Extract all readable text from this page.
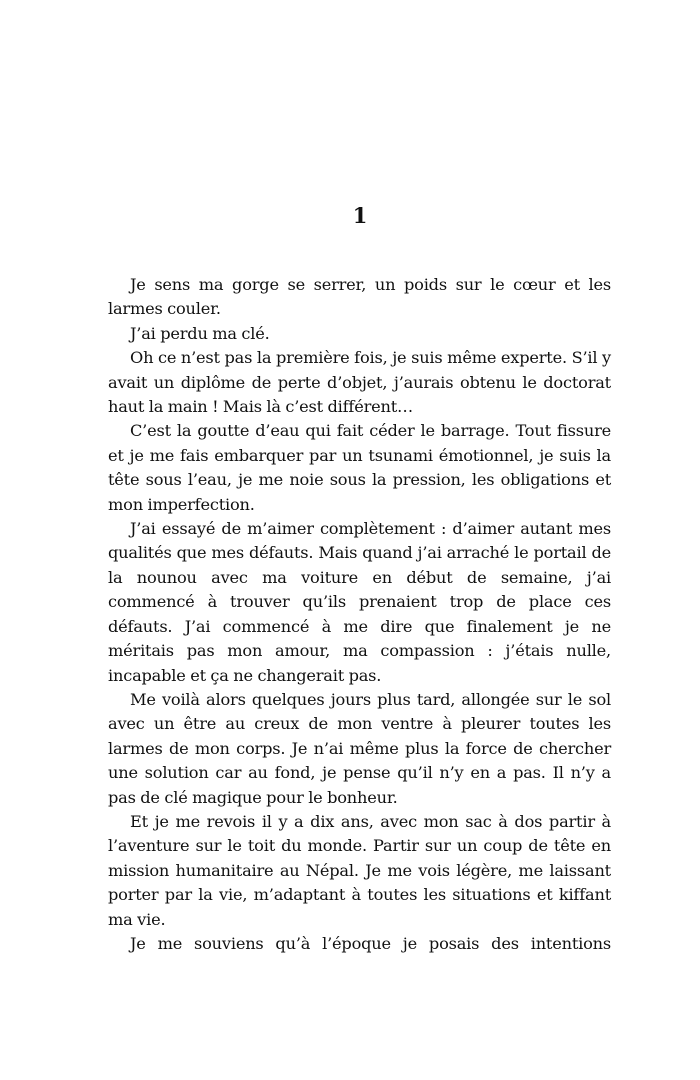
1

Je sens ma gorge se serrer, un poids sur le cœur et les larmes couler.

J’ai perdu ma clé.

Oh ce n’est pas la première fois, je suis même experte. S’il y avait un diplôme de perte d’objet, j’aurais obtenu le doctorat haut la main ! Mais là c’est différent…

C’est la goutte d’eau qui fait céder le barrage. Tout fissure et je me fais embarquer par un tsunami émotionnel, je suis la tête sous l’eau, je me noie sous la pression, les obligations et mon imperfection.

J’ai essayé de m’aimer complètement : d’aimer autant mes qualités que mes défauts. Mais quand j’ai arraché le portail de la nounou avec ma voiture en début de semaine, j’ai commencé à trouver qu’ils prenaient trop de place ces défauts. J’ai commencé à me dire que finalement je ne méritais pas mon amour, ma compassion : j’étais nulle, incapable et ça ne changerait pas.

Me voilà alors quelques jours plus tard, allongée sur le sol avec un être au creux de mon ventre à pleurer toutes les larmes de mon corps. Je n’ai même plus la force de chercher une solution car au fond, je pense qu’il n’y en a pas. Il n’y a pas de clé magique pour le bonheur.

Et je me revois il y a dix ans, avec mon sac à dos partir à l’aventure sur le toit du monde. Partir sur un coup de tête en mission humanitaire au Népal. Je me vois légère, me laissant porter par la vie, m’adaptant à toutes les situations et kiffant ma vie.

Je me souviens qu’à l’époque je posais des intentions
